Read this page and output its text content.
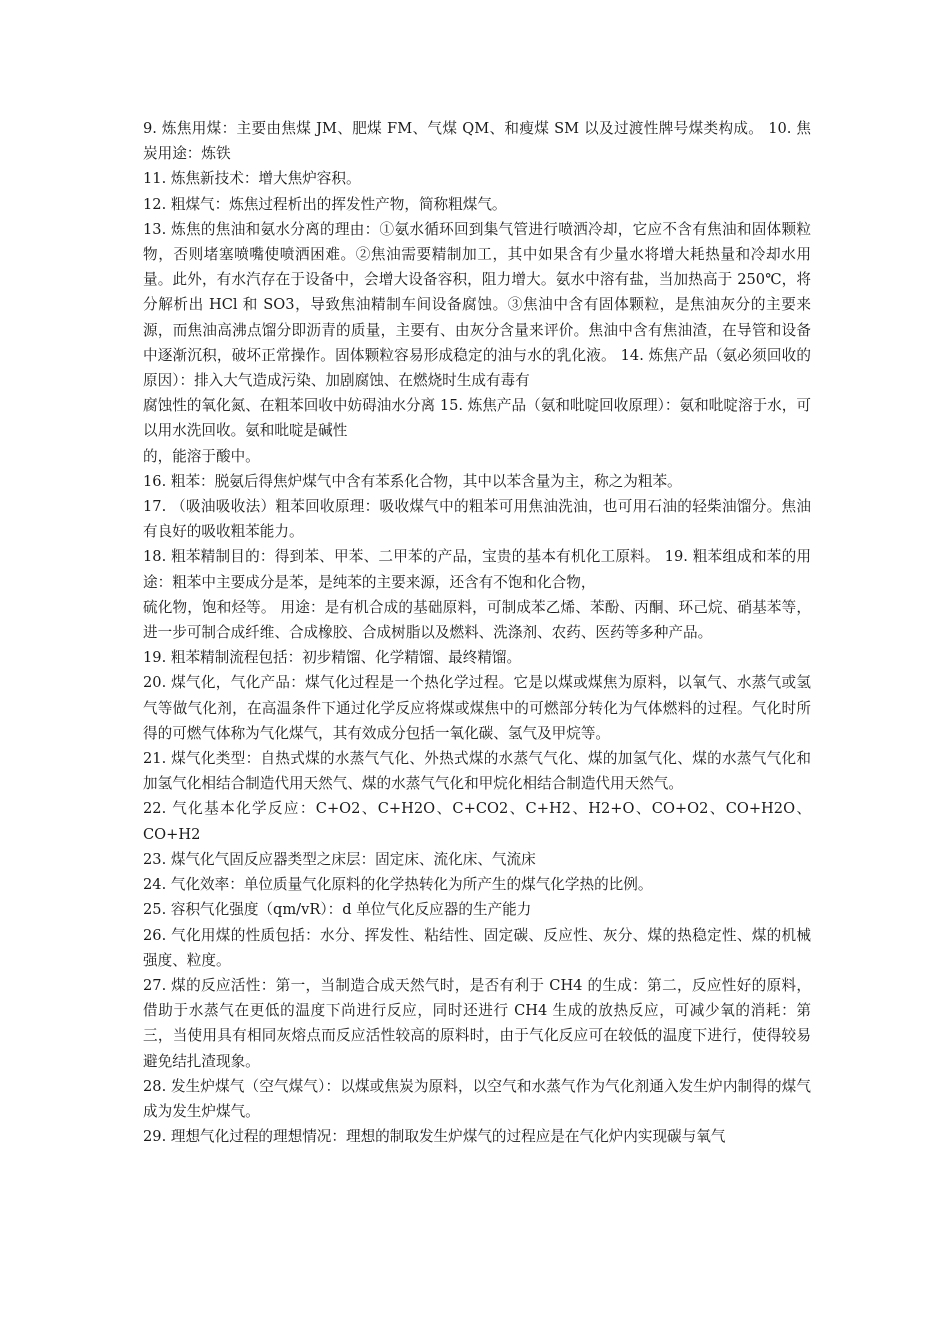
9. 炼焦用煤：主要由焦煤 JM、肥煤 FM、气煤 QM、和瘦煤 SM 以及过渡性牌号煤类构成。 10. 焦炭用途：炼铁

11. 炼焦新技术：增大焦炉容积。

12. 粗煤气：炼焦过程析出的挥发性产物，简称粗煤气。

13. 炼焦的焦油和氨水分离的理由：①氨水循环回到集气管进行喷洒冷却，它应不含有焦油和固体颗粒物，否则堵塞喷嘴使喷洒困难。②焦油需要精制加工，其中如果含有少量水将增大耗热量和冷却水用量。此外，有水汽存在于设备中，会增大设备容积，阻力增大。氨水中溶有盐，当加热高于 250℃，将分解析出 HCl 和 SO3，导致焦油精制车间设备腐蚀。③焦油中含有固体颗粒，是焦油灰分的主要来源，而焦油高沸点馏分即沥青的质量，主要有、由灰分含量来评价。焦油中含有焦油渣，在导管和设备中逐渐沉积，破坏正常操作。固体颗粒容易形成稳定的油与水的乳化液。 14. 炼焦产品（氨必须回收的原因）：排入大气造成污染、加剧腐蚀、在燃烧时生成有毒有

腐蚀性的氧化氮、在粗苯回收中妨碍油水分离 15. 炼焦产品（氨和吡啶回收原理）：氨和吡啶溶于水，可以用水洗回收。氨和吡啶是碱性

的，能溶于酸中。

16. 粗苯：脱氨后得焦炉煤气中含有苯系化合物，其中以苯含量为主，称之为粗苯。

17. （吸油吸收法）粗苯回收原理：吸收煤气中的粗苯可用焦油洗油，也可用石油的轻柴油馏分。焦油有良好的吸收粗苯能力。

18. 粗苯精制目的：得到苯、甲苯、二甲苯的产品，宝贵的基本有机化工原料。 19. 粗苯组成和苯的用途：粗苯中主要成分是苯，是纯苯的主要来源，还含有不饱和化合物，

硫化物，饱和烃等。 用途：是有机合成的基础原料，可制成苯乙烯、苯酚、丙酮、环己烷、硝基苯等，进一步可制合成纤维、合成橡胶、合成树脂以及燃料、洗涤剂、农药、医药等多种产品。

19. 粗苯精制流程包括：初步精馏、化学精馏、最终精馏。

20. 煤气化，气化产品：煤气化过程是一个热化学过程。它是以煤或煤焦为原料，以氧气、水蒸气或氢气等做气化剂，在高温条件下通过化学反应将煤或煤焦中的可燃部分转化为气体燃料的过程。气化时所得的可燃气体称为气化煤气，其有效成分包括一氧化碳、氢气及甲烷等。

21. 煤气化类型：自热式煤的水蒸气气化、外热式煤的水蒸气气化、煤的加氢气化、煤的水蒸气气化和加氢气化相结合制造代用天然气、煤的水蒸气气化和甲烷化相结合制造代用天然气。

22. 气化基本化学反应：C+O2、C+H2O、C+CO2、C+H2、H2+O、CO+O2、CO+H2O、CO+H2

23. 煤气化气固反应器类型之床层：固定床、流化床、气流床

24. 气化效率：单位质量气化原料的化学热转化为所产生的煤气化学热的比例。

25. 容积气化强度（qm/vR）：d 单位气化反应器的生产能力

26. 气化用煤的性质包括：水分、挥发性、粘结性、固定碳、反应性、灰分、煤的热稳定性、煤的机械强度、粒度。

27. 煤的反应活性：第一，当制造合成天然气时，是否有利于 CH4 的生成：第二，反应性好的原料，借助于水蒸气在更低的温度下尚进行反应，同时还进行 CH4 生成的放热反应，可减少氧的消耗：第三，当使用具有相同灰熔点而反应活性较高的原料时，由于气化反应可在较低的温度下进行，使得较易避免结扎渣现象。

28. 发生炉煤气（空气煤气）：以煤或焦炭为原料，以空气和水蒸气作为气化剂通入发生炉内制得的煤气成为发生炉煤气。

29. 理想气化过程的理想情况：理想的制取发生炉煤气的过程应是在气化炉内实现碳与氧气
